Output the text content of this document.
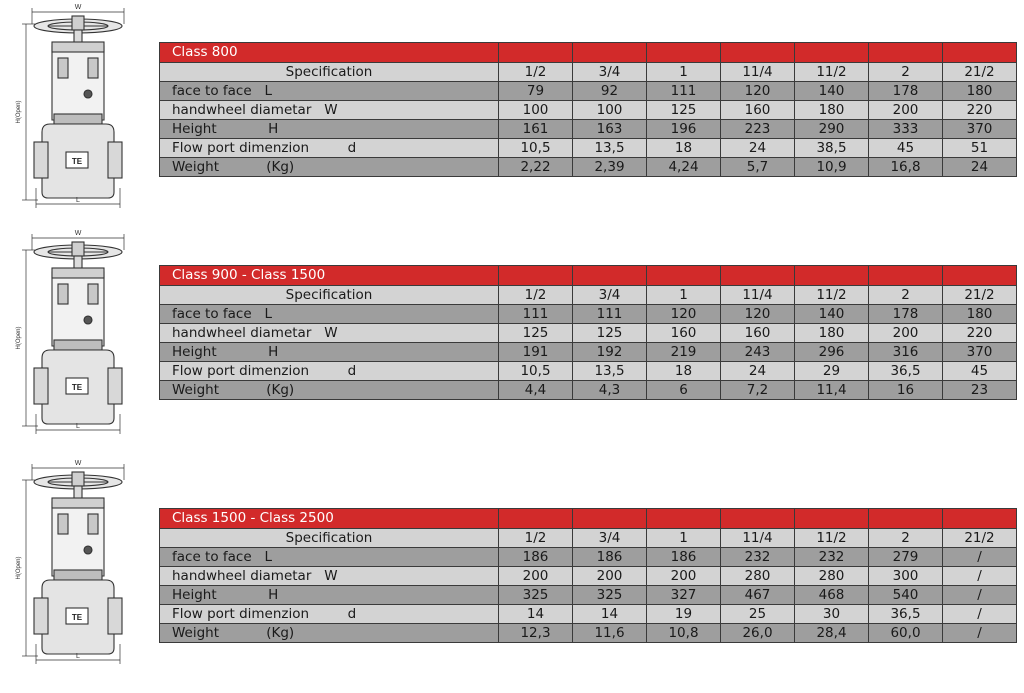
W
H(Open)
L
TE
W
H(Open)
L
TE
W
H(Open)
L
TE
Class 800							
Specification	1/2	3/4	1	11/4	11/2	2	21/2
face to face   L	79	92	111	120	140	178	180
handwheel diametar   W	100	100	125	160	180	200	220
Height            H	161	163	196	223	290	333	370
Flow port dimenzion         d	10,5	13,5	18	24	38,5	45	51
Weight           (Kg)	2,22	2,39	4,24	5,7	10,9	16,8	24
Class 900 - Class 1500							
Specification	1/2	3/4	1	11/4	11/2	2	21/2
face to face   L	111	111	120	120	140	178	180
handwheel diametar   W	125	125	160	160	180	200	220
Height            H	191	192	219	243	296	316	370
Flow port dimenzion         d	10,5	13,5	18	24	29	36,5	45
Weight           (Kg)	4,4	4,3	6	7,2	11,4	16	23
Class 1500 - Class 2500							
Specification	1/2	3/4	1	11/4	11/2	2	21/2
face to face   L	186	186	186	232	232	279	/
handwheel diametar   W	200	200	200	280	280	300	/
Height            H	325	325	327	467	468	540	/
Flow port dimenzion         d	14	14	19	25	30	36,5	/
Weight           (Kg)	12,3	11,6	10,8	26,0	28,4	60,0	/
